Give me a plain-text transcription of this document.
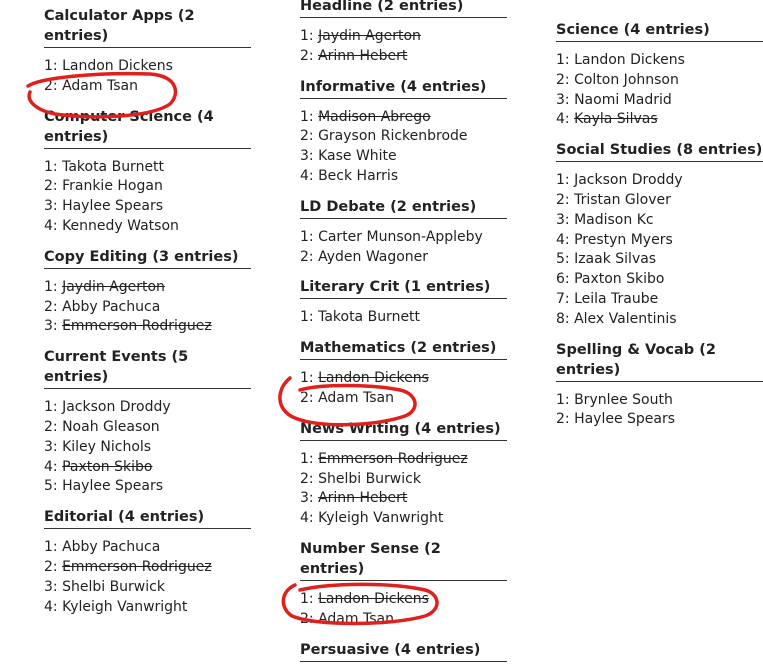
Calculator Apps (2 entries)
1: Landon Dickens
2: Adam Tsan
Computer Science (4 entries)
1: Takota Burnett
2: Frankie Hogan
3: Haylee Spears
4: Kennedy Watson
Copy Editing (3 entries)
1: Jaydin Agerton
2: Abby Pachuca
3: Emmerson Rodriguez
Current Events (5 entries)
1: Jackson Droddy
2: Noah Gleason
3: Kiley Nichols
4: Paxton Skibo
5: Haylee Spears
Editorial (4 entries)
1: Abby Pachuca
2: Emmerson Rodriguez
3: Shelbi Burwick
4: Kyleigh Vanwright
Headline (2 entries)
1: Jaydin Agerton
2: Arinn Hebert
Informative (4 entries)
1: Madison Abrego
2: Grayson Rickenbrode
3: Kase White
4: Beck Harris
LD Debate (2 entries)
1: Carter Munson-Appleby
2: Ayden Wagoner
Literary Crit (1 entries)
1: Takota Burnett
Mathematics (2 entries)
1: Landon Dickens
2: Adam Tsan
News Writing (4 entries)
1: Emmerson Rodriguez
2: Shelbi Burwick
3: Arinn Hebert
4: Kyleigh Vanwright
Number Sense (2 entries)
1: Landon Dickens
2: Adam Tsan
Persuasive (4 entries)
Science (4 entries)
1: Landon Dickens
2: Colton Johnson
3: Naomi Madrid
4: Kayla Silvas
Social Studies (8 entries)
1: Jackson Droddy
2: Tristan Glover
3: Madison Kc
4: Prestyn Myers
5: Izaak Silvas
6: Paxton Skibo
7: Leila Traube
8: Alex Valentinis
Spelling & Vocab (2 entries)
1: Brynlee South
2: Haylee Spears
